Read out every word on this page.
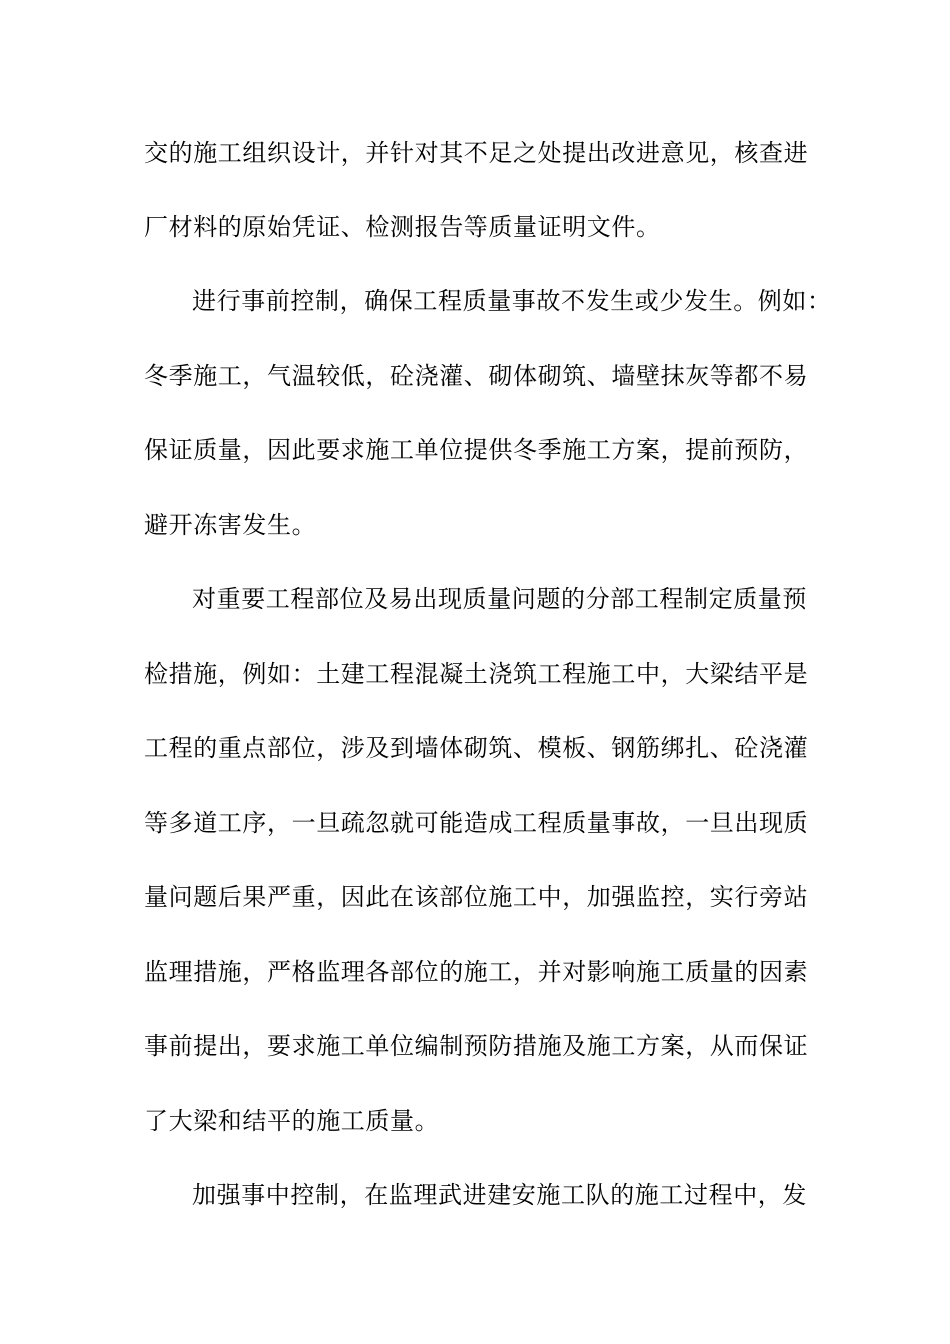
交的施工组织设计，并针对其不足之处提出改进意见，核查进
厂材料的原始凭证、检测报告等质量证明文件。
进行事前控制，确保工程质量事故不发生或少发生。例如：
冬季施工，气温较低，砼浇灌、砌体砌筑、墙壁抹灰等都不易
保证质量，因此要求施工单位提供冬季施工方案，提前预防，
避开冻害发生。
对重要工程部位及易出现质量问题的分部工程制定质量预
检措施，例如：土建工程混凝土浇筑工程施工中，大梁结平是
工程的重点部位，涉及到墙体砌筑、模板、钢筋绑扎、砼浇灌
等多道工序，一旦疏忽就可能造成工程质量事故，一旦出现质
量问题后果严重，因此在该部位施工中，加强监控，实行旁站
监理措施，严格监理各部位的施工，并对影响施工质量的因素
事前提出，要求施工单位编制预防措施及施工方案，从而保证
了大梁和结平的施工质量。
加强事中控制，在监理武进建安施工队的施工过程中，发
